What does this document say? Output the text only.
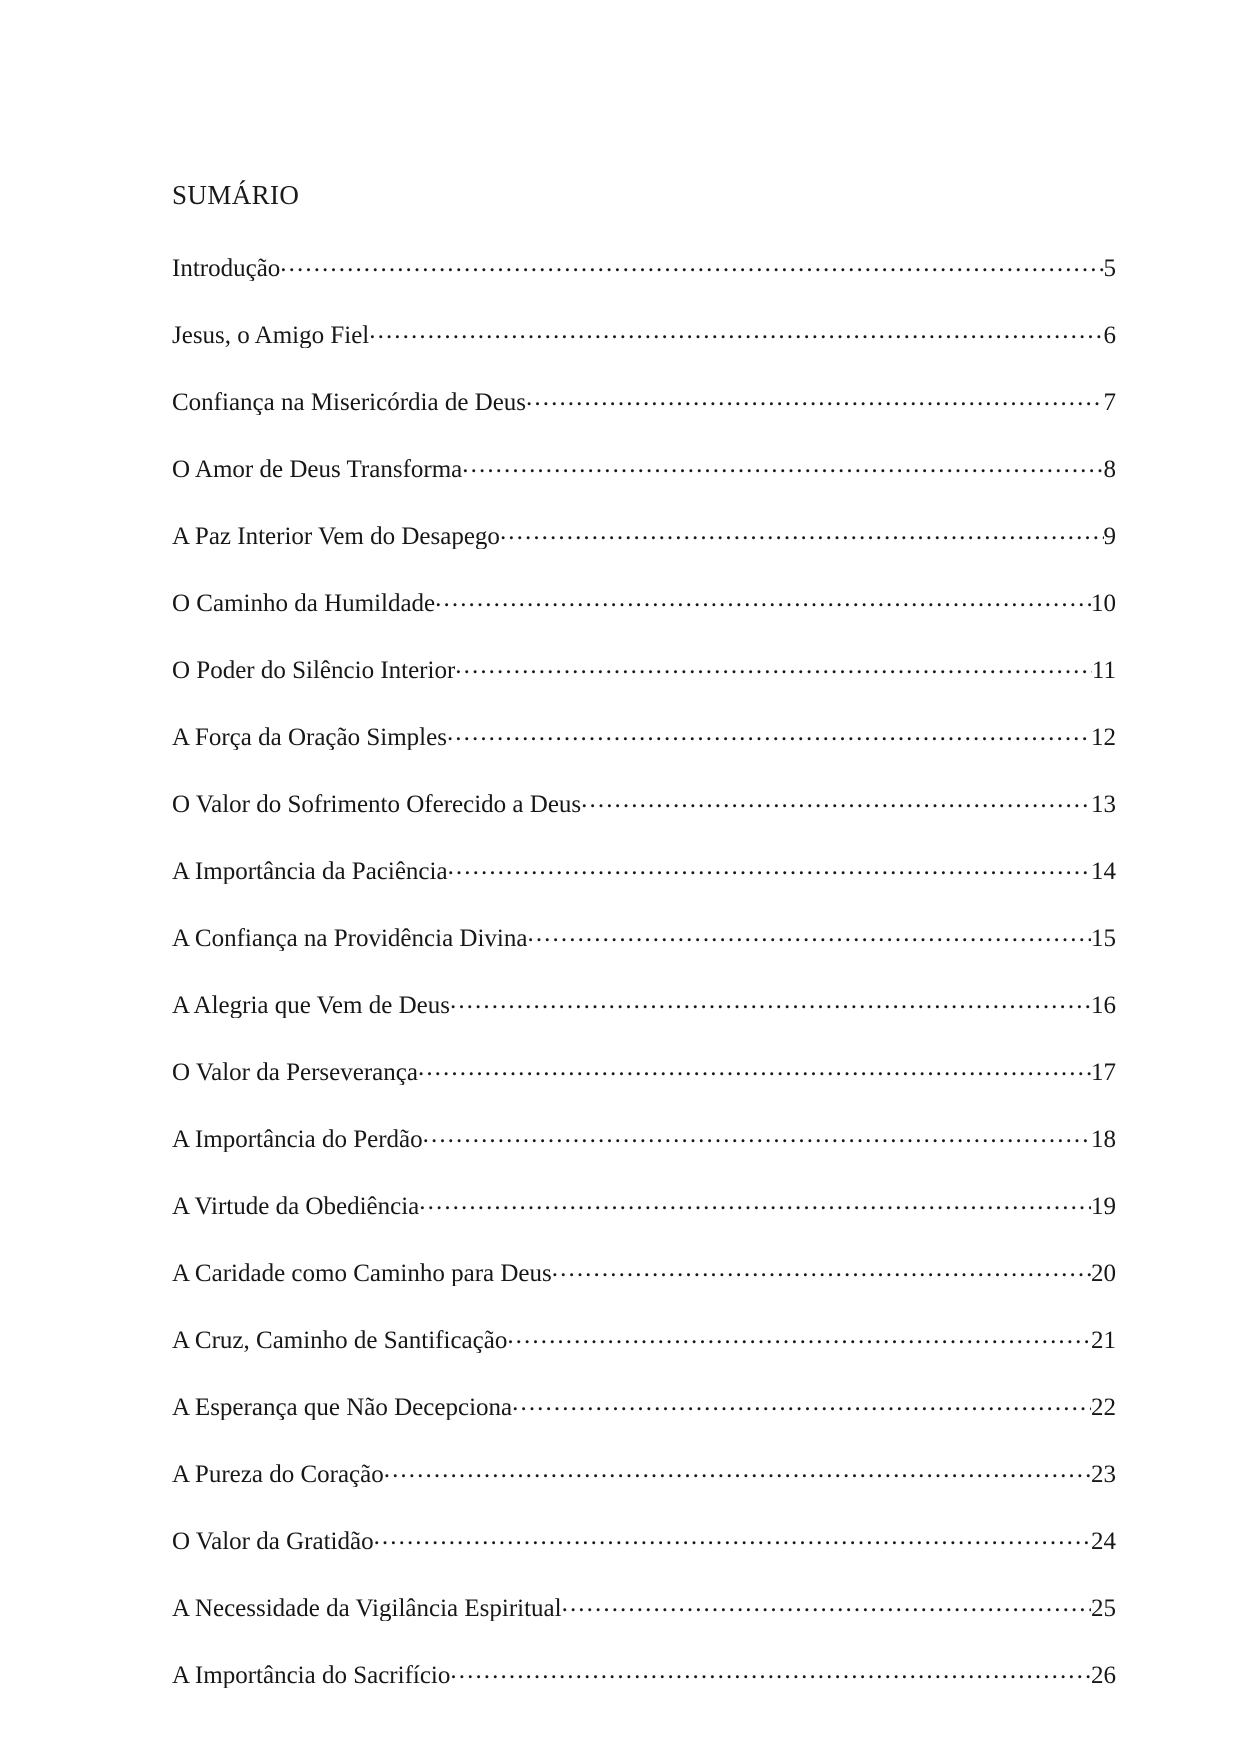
SUMÁRIO
Introdução .....	5
Jesus, o Amigo Fiel .....	6
Confiança na Misericórdia de Deus .....	7
O Amor de Deus Transforma .....	8
A Paz Interior Vem do Desapego .....	9
O Caminho da Humildade .....	10
O Poder do Silêncio Interior .....	11
A Força da Oração Simples .....	12
O Valor do Sofrimento Oferecido a Deus .....	13
A Importância da Paciência .....	14
A Confiança na Providência Divina .....	15
A Alegria que Vem de Deus .....	16
O Valor da Perseverança .....	17
A Importância do Perdão .....	18
A Virtude da Obediência .....	19
A Caridade como Caminho para Deus .....	20
A Cruz, Caminho de Santificação .....	21
A Esperança que Não Decepciona .....	22
A Pureza do Coração .....	23
O Valor da Gratidão .....	24
A Necessidade da Vigilância Espiritual .....	25
A Importância do Sacrifício .....	26
